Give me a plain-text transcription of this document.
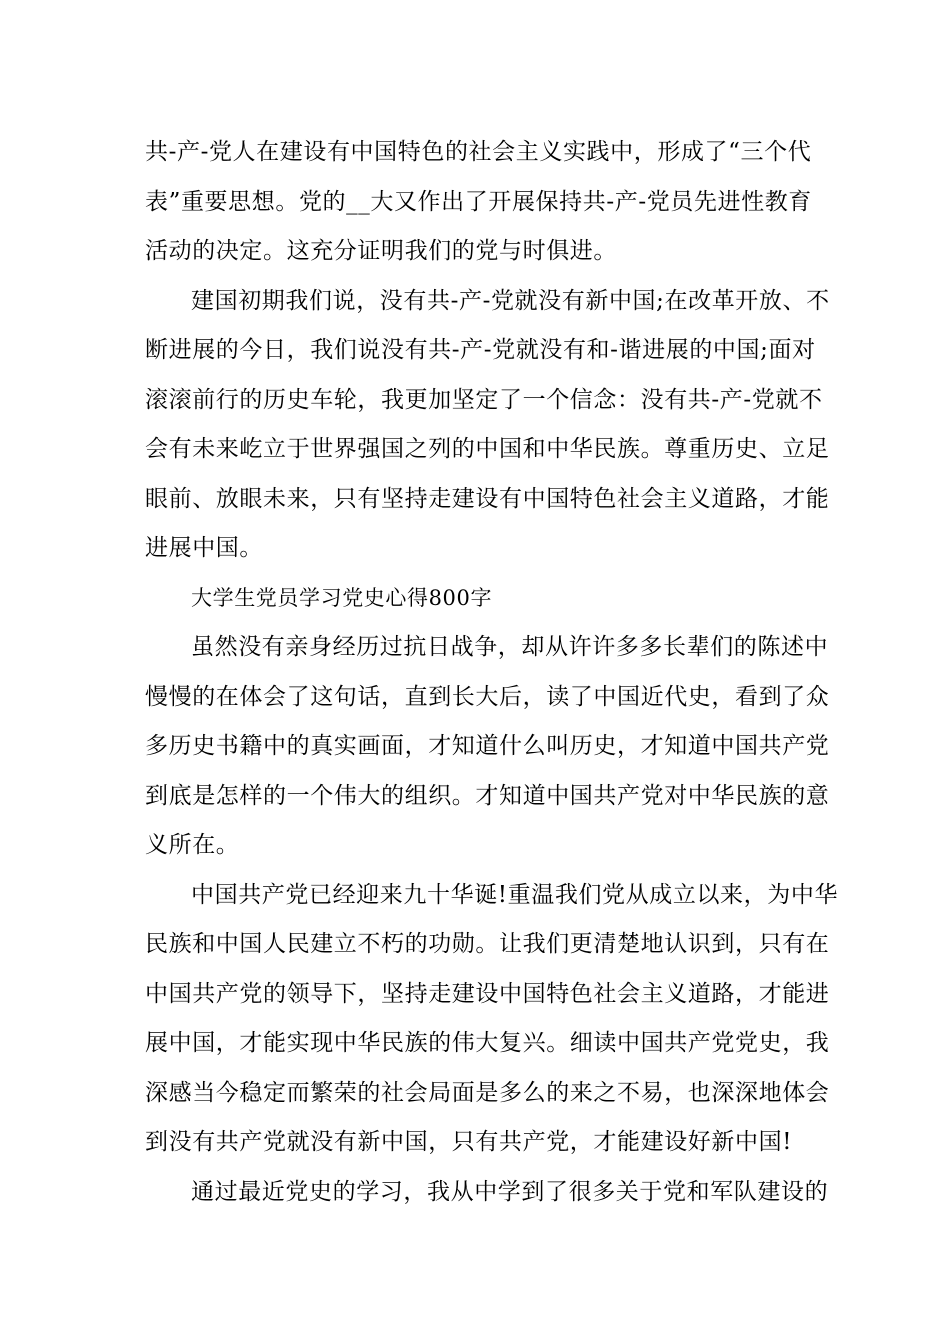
共-产-党人在建设有中国特色的社会主义实践中，形成了“三个代
表”重要思想。党的__大又作出了开展保持共-产-党员先进性教育
活动的决定。这充分证明我们的党与时俱进。
建国初期我们说，没有共-产-党就没有新中国;在改革开放、不
断进展的今日，我们说没有共-产-党就没有和-谐进展的中国;面对
滚滚前行的历史车轮，我更加坚定了一个信念：没有共-产-党就不
会有未来屹立于世界强国之列的中国和中华民族。尊重历史、立足
眼前、放眼未来，只有坚持走建设有中国特色社会主义道路，才能
进展中国。
大学生党员学习党史心得800字
虽然没有亲身经历过抗日战争，却从许许多多长辈们的陈述中
慢慢的在体会了这句话，直到长大后，读了中国近代史，看到了众
多历史书籍中的真实画面，才知道什么叫历史，才知道中国共产党
到底是怎样的一个伟大的组织。才知道中国共产党对中华民族的意
义所在。
中国共产党已经迎来九十华诞!重温我们党从成立以来，为中华
民族和中国人民建立不朽的功勋。让我们更清楚地认识到，只有在
中国共产党的领导下，坚持走建设中国特色社会主义道路，才能进
展中国，才能实现中华民族的伟大复兴。细读中国共产党党史，我
深感当今稳定而繁荣的社会局面是多么的来之不易，也深深地体会
到没有共产党就没有新中国，只有共产党，才能建设好新中国!
通过最近党史的学习，我从中学到了很多关于党和军队建设的
